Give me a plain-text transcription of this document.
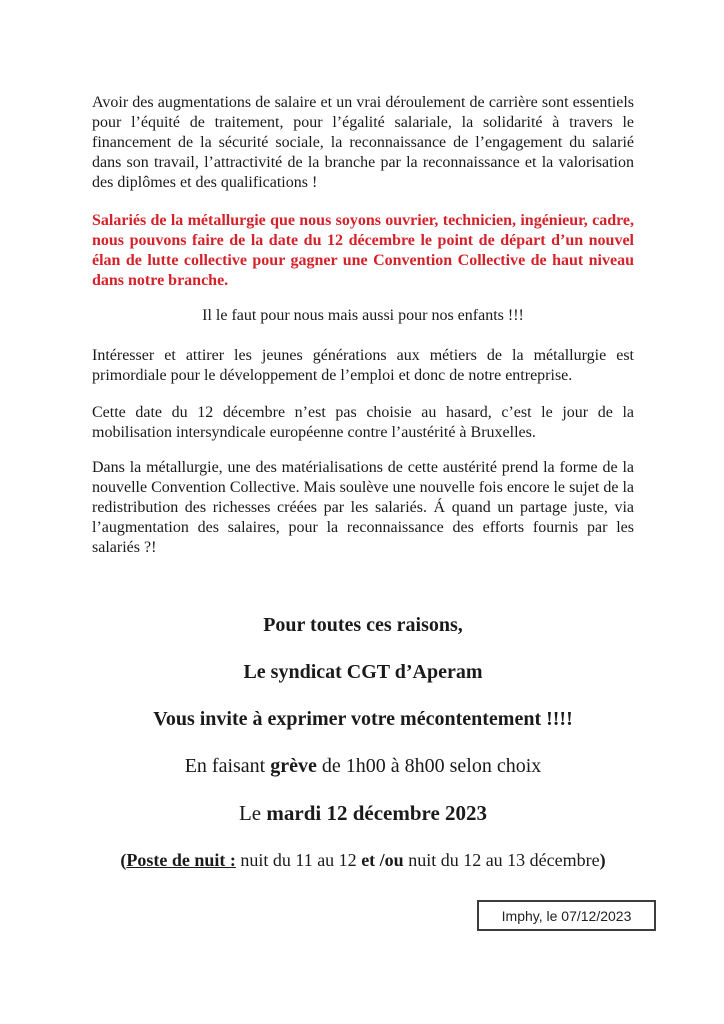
Avoir des augmentations de salaire et un vrai déroulement de carrière sont essentiels pour l’équité de traitement, pour l’égalité salariale, la solidarité à travers le financement de la sécurité sociale, la reconnaissance de l’engagement du salarié dans son travail, l’attractivité de la branche par la reconnaissance et la valorisation des diplômes et des qualifications !

Salariés de la métallurgie que nous soyons ouvrier, technicien, ingénieur, cadre, nous pouvons faire de la date du 12 décembre le point de départ d’un nouvel élan de lutte collective pour gagner une Convention Collective de haut niveau dans notre branche.

Il le faut pour nous mais aussi pour nos enfants !!!

Intéresser et attirer les jeunes générations aux métiers de la métallurgie est primordiale pour le développement de l’emploi et donc de notre entreprise.

Cette date du 12 décembre n’est pas choisie au hasard, c’est le jour de la mobilisation intersyndicale européenne contre l’austérité à Bruxelles.

Dans la métallurgie, une des matérialisations de cette austérité prend la forme de la nouvelle Convention Collective. Mais soulève une nouvelle fois encore le sujet de la redistribution des richesses créées par les salariés. Á quand un partage juste, via l’augmentation des salaires, pour la reconnaissance des efforts fournis par les salariés ?!

Pour toutes ces raisons,

Le syndicat CGT d’Aperam

Vous invite à exprimer votre mécontentement !!!!

En faisant grève de 1h00 à 8h00 selon choix

Le mardi 12 décembre 2023

(Poste de nuit : nuit du 11 au 12 et /ou nuit du 12 au 13 décembre)

Imphy, le 07/12/2023
